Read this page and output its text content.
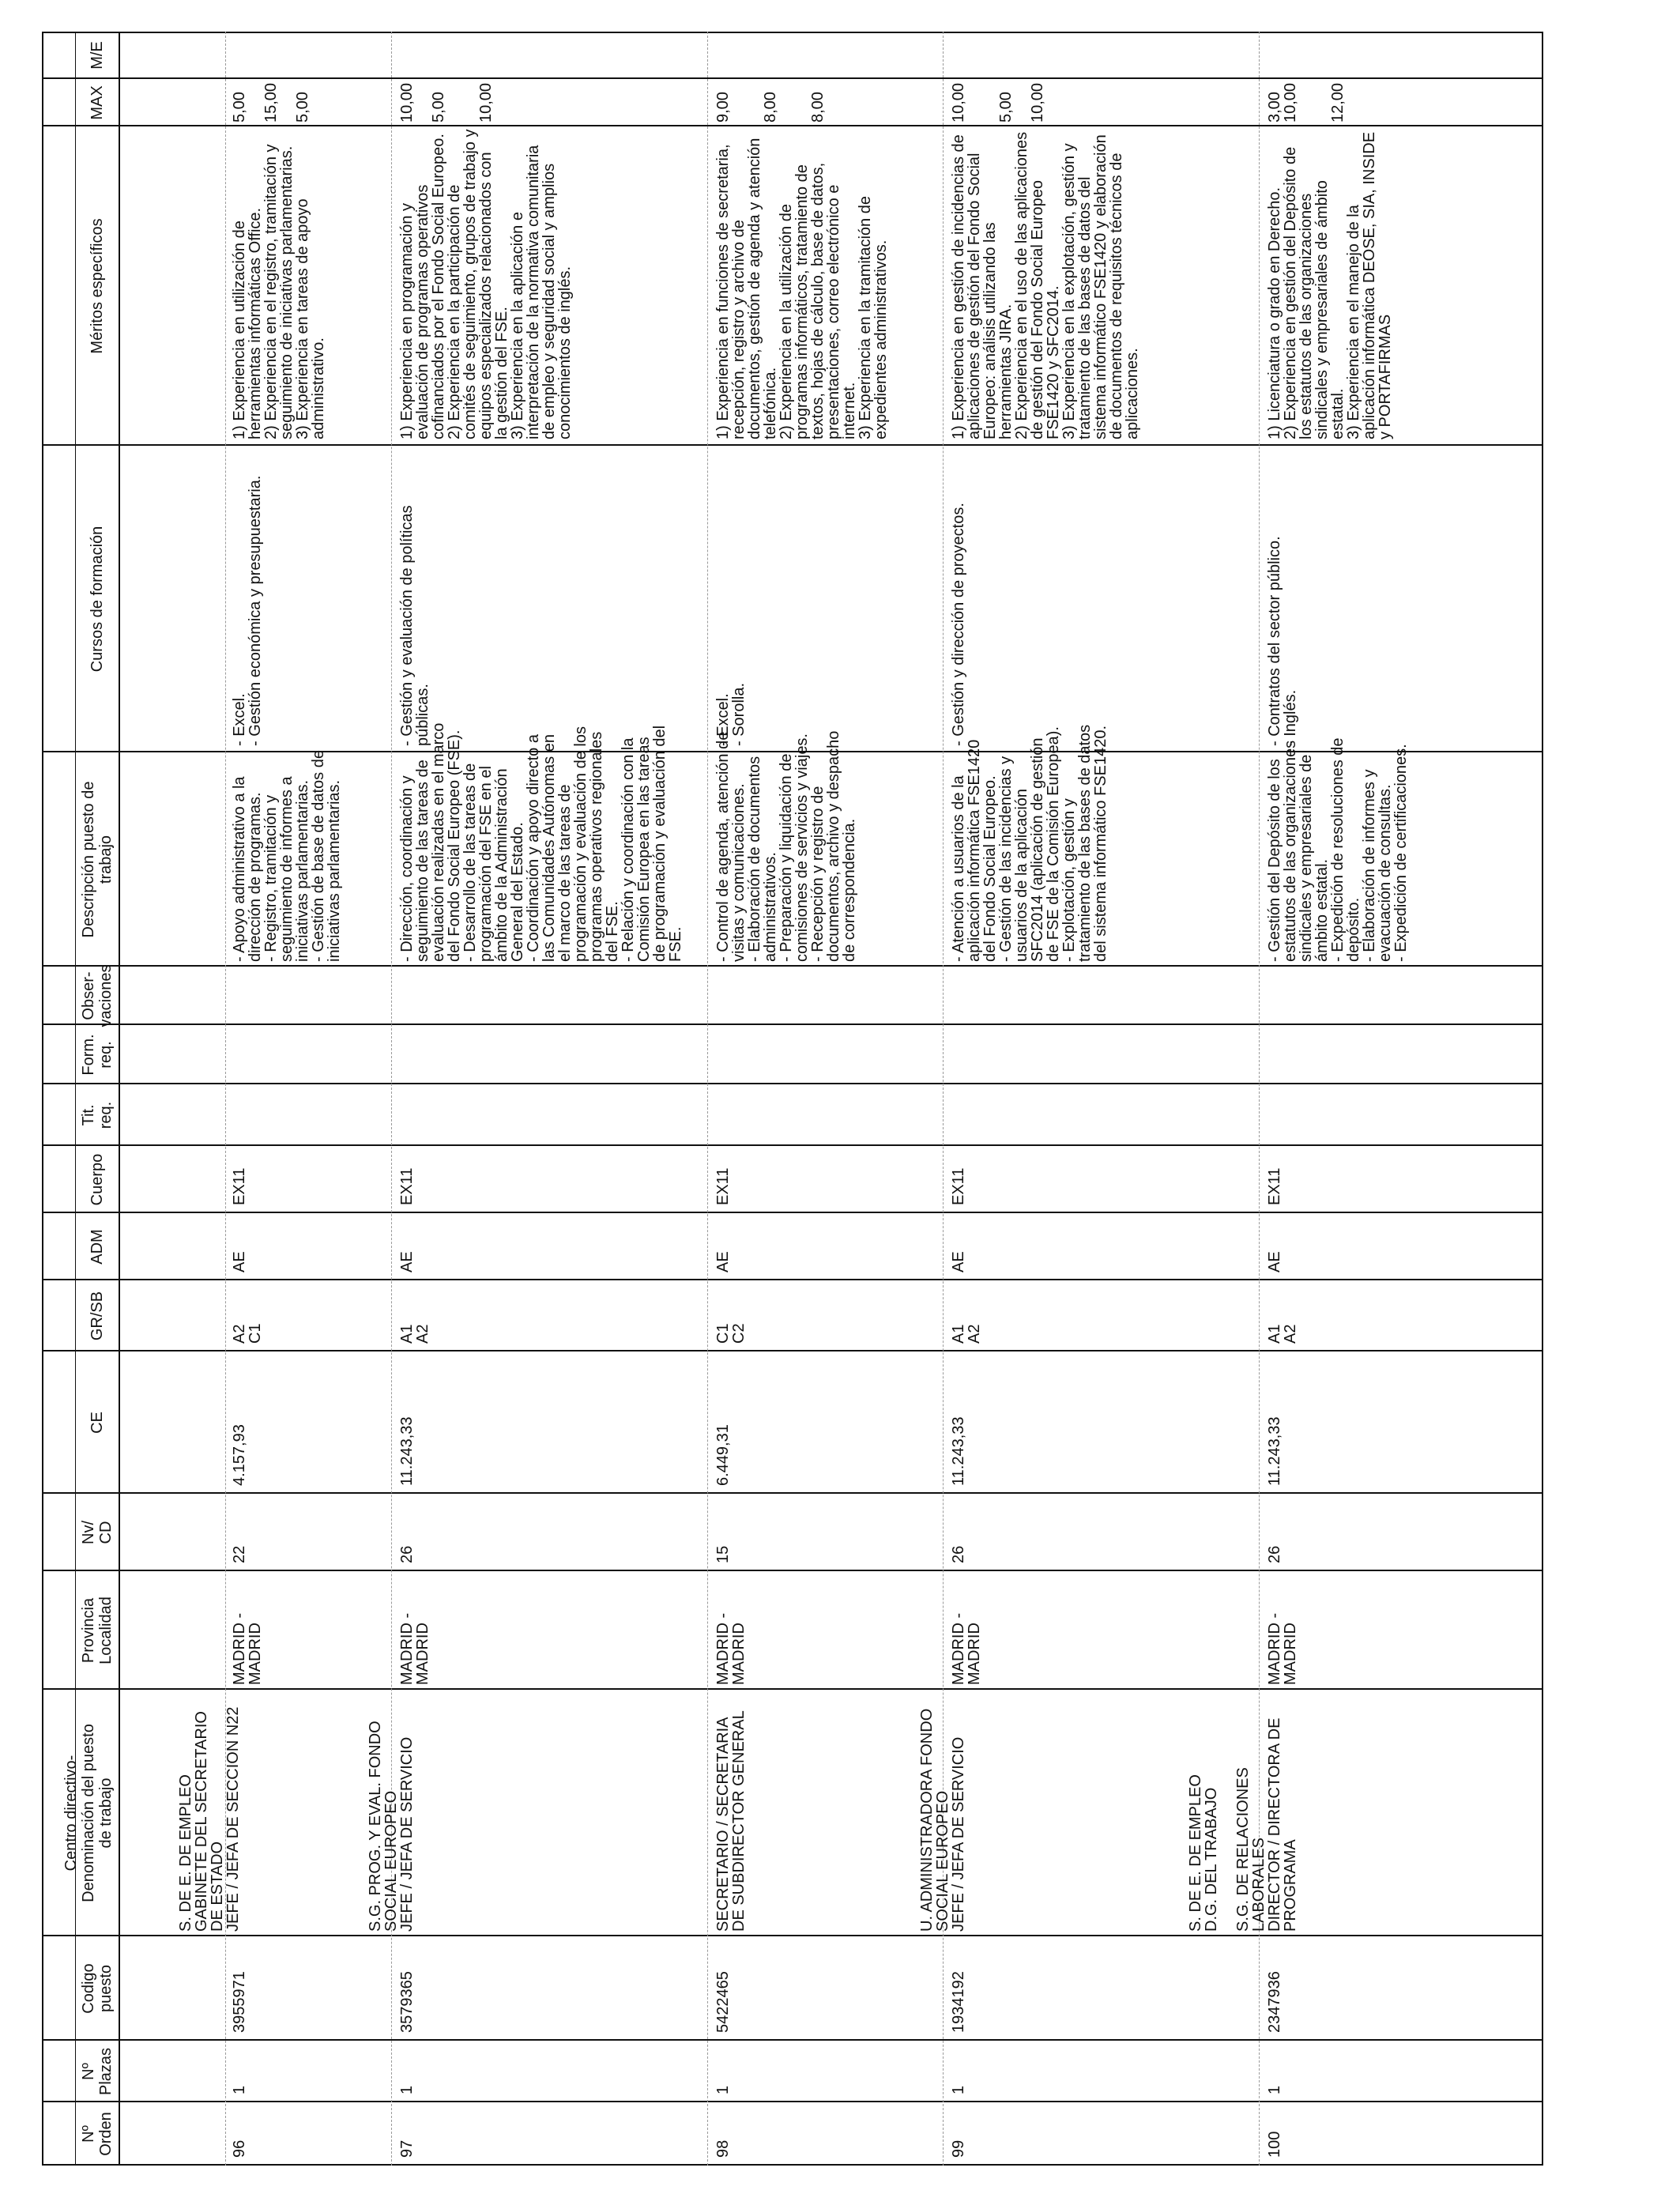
Nº
Orden
Nº
Plazas
Codigo
puesto
Centro directivo-
Denominación del puesto
de trabajo
Provincia
Localidad
Nv/
CD
CE
GR/SB
ADM
Cuerpo
Tit.
req.
Form.
req.
Obser-
vaciones
Descripción puesto de
trabajo
Cursos de formación
Méritos específicos
MAX
M/E
96
1
3955971
S. DE E. DE EMPLEO
GABINETE DEL SECRETARIO
DE ESTADO
JEFE / JEFA DE SECCION N22
MADRID -
MADRID
22
4.157,93
A2
C1
AE
EX11
- Apoyo administrativo a la
dirección de programas.
- Registro, tramitación y
seguimiento de informes a
iniciativas parlamentarias.
- Gestión de base de datos de
iniciativas parlamentarias.
- Excel.
- Gestión económica y presupuestaria.
1) Experiencia en utilización de
herramientas informáticas Office.
2) Experiencia en el registro, tramitación y
seguimiento de iniciativas parlamentarias.
3) Experiencia en tareas de apoyo
administrativo.
5,00

15,00

5,00
97
1
3579365
S.G. PROG. Y EVAL. FONDO
SOCIAL EUROPEO
JEFE / JEFA DE SERVICIO
MADRID -
MADRID
26
11.243,33
A1
A2
AE
EX11
- Dirección, coordinación y
seguimiento de las tareas de
evaluación realizadas en el marco
del Fondo Social Europeo (FSE).
- Desarrollo de las tareas de
programación del FSE en el
ámbito de la Administración
General del Estado.
- Coordinación y apoyo directo a
las Comunidades Autónomas en
el marco de las tareas de
programación y evaluación de los
programas operativos regionales
del FSE.
- Relación y coordinación con la
Comisión Europea en las tareas
de programación y evaluación del
FSE.
- Gestión y evaluación de políticas
públicas.
1) Experiencia en programación y
evaluación de programas operativos
cofinanciados por el Fondo Social Europeo.
2) Experiencia en la participación de
comités de seguimiento, grupos de trabajo y
equipos especializados relacionados con
la gestión del FSE.
3) Experiencia en la aplicación e
interpretación de la normativa comunitaria
de empleo y seguridad social y amplios
conocimientos de inglés.
10,00

5,00

10,00
98
1
5422465
SECRETARIO / SECRETARIA
DE SUBDIRECTOR GENERAL
MADRID -
MADRID
15
6.449,31
C1
C2
AE
EX11
- Control de agenda, atención de
visitas y comunicaciones.
- Elaboración de documentos
administrativos.
- Preparación y liquidación de
comisiones de servicios y viajes.
- Recepción y registro de
documentos, archivo y despacho
de correspondencia.
- Excel.
- Sorolla.
1) Experiencia en funciones de secretaria,
recepción, registro y archivo de
documentos, gestión de agenda y atención
telefónica.
2) Experiencia en la utilización de
programas informáticos, tratamiento de
textos, hojas de cálculo, base de datos,
presentaciones, correo electrónico e
internet.
3) Experiencia en la tramitación de
expedientes administrativos.
9,00

8,00

8,00
99
1
1934192
U. ADMINISTRADORA FONDO
SOCIAL EUROPEO
JEFE / JEFA DE SERVICIO
MADRID -
MADRID
26
11.243,33
A1
A2
AE
EX11
- Atención a usuarios de la
aplicación informática FSE1420
del Fondo Social Europeo.
- Gestión de las incidencias y
usuarios de la aplicación
SFC2014 (aplicación de gestión
de FSE de la Comisión Europea).
- Explotación, gestión y
tratamiento de las bases de datos
del sistema informático FSE1420.
- Gestión y dirección de proyectos.
1) Experiencia en gestión de incidencias de
aplicaciones de gestión del Fondo Social
Europeo: análisis utilizando las
herramientas JIRA.
2) Experiencia en el uso de las aplicaciones
de gestión del Fondo Social Europeo
FSE1420 y SFC2014.
3) Experiencia en la explotación, gestión y
tratamiento de las bases de datos del
sistema informático FSE1420 y elaboración
de documentos de requisitos técnicos de
aplicaciones.
10,00

5,00

10,00
100
1
2347936
S. DE E. DE EMPLEO
D.G. DEL TRABAJO

S.G. DE RELACIONES
LABORALES
DIRECTOR / DIRECTORA DE
PROGRAMA
MADRID -
MADRID
26
11.243,33
A1
A2
AE
EX11
- Gestión del Depósito de los
estatutos de las organizaciones
sindicales y empresariales de
ámbito estatal.
- Expedición de resoluciones de
depósito.
- Elaboración de informes y
evacuación de consultas.
- Expedición de certificaciones.
- Contratos del sector público.
- Inglés.
1) Licenciatura o grado en Derecho.
2) Experiencia en gestión del Depósito de
los estatutos de las organizaciones
sindicales y empresariales de ámbito
estatal.
3) Experiencia en el manejo de la
aplicación informática DEOSE, SIA, INSIDE
y PORTAFIRMAS
3,00
10,00

12,00
